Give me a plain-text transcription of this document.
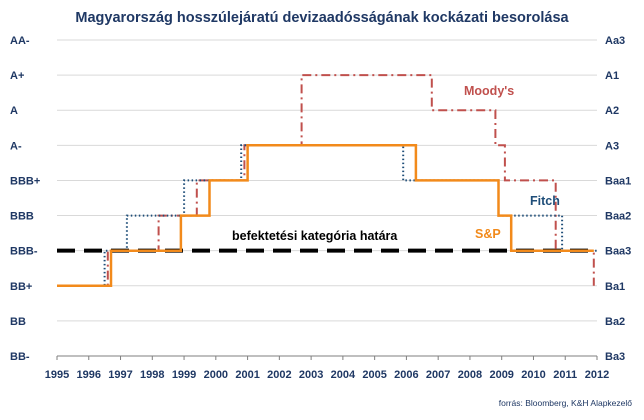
Magyarország hosszúlejáratú devizaadósságának kockázati besorolása
AA-
A+
A
A-
BBB+
BBB
BBB-
BB+
BB
BB-
Aa3
A1
A2
A3
Baa1
Baa2
Baa3
Ba1
Ba2
Ba3
1995 1996 1997 1998 1999 2000 2001 2002 2003 2004 2005 2006 2007 2008 2009 2010 2011 2012
befektetési kategória határa
Moody's
Fitch
S&P
forrás: Bloomberg, K&H Alapkezelő
